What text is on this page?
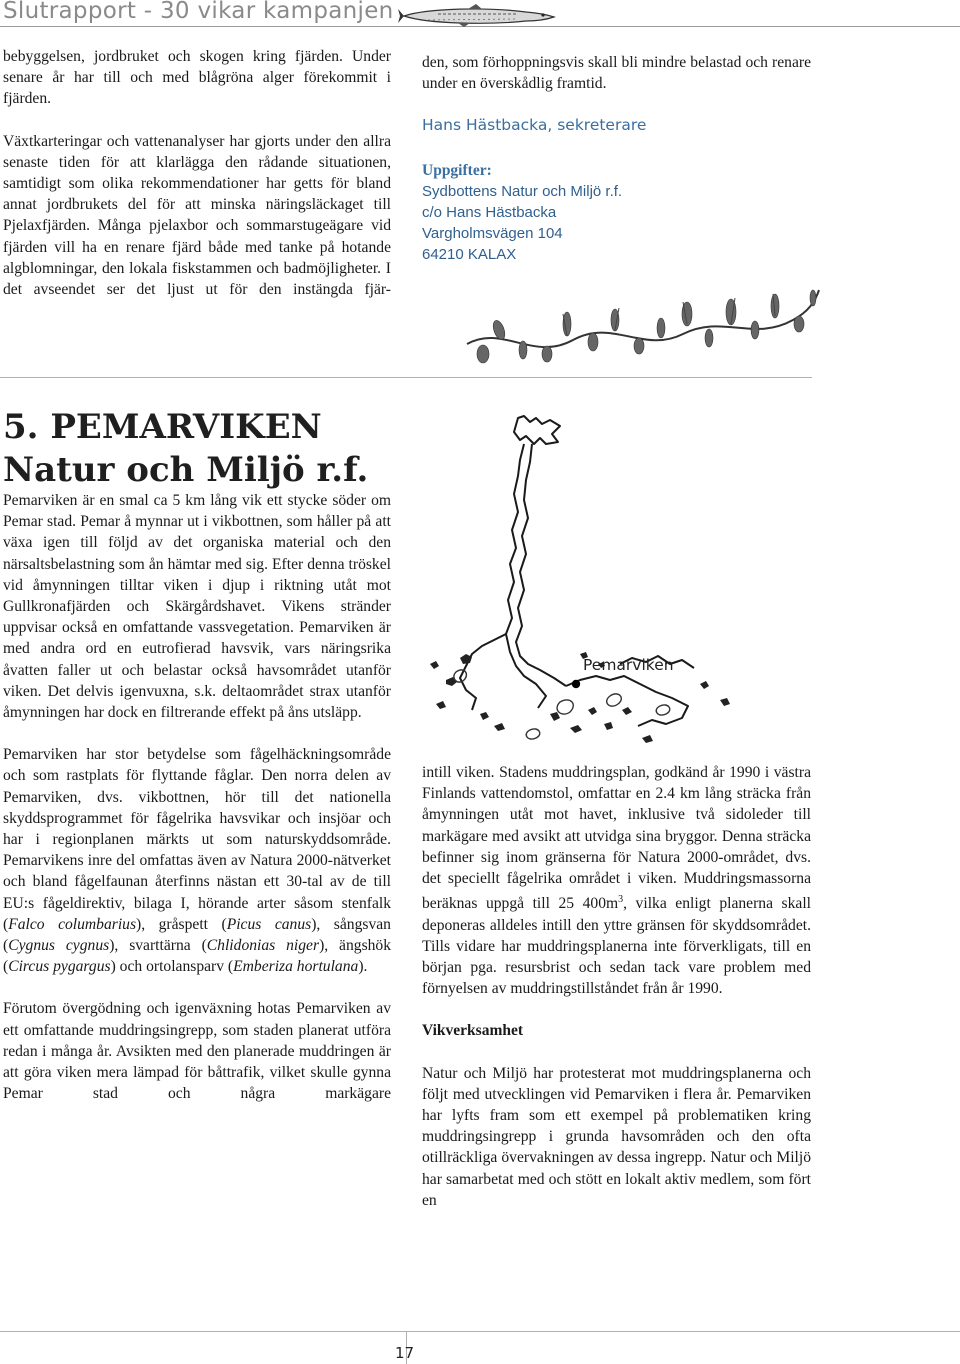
Slutrapport - 30 vikar kampanjen

bebyggelsen, jordbruket och skogen kring fjärden. Under senare år har till och med blågröna alger förekommit i fjärden.

Växtkarteringar och vattenanalyser har gjorts under den allra senaste tiden för att klarlägga den rådande situationen, samtidigt som olika rekommendationer har getts för bland annat jordbrukets del för att minska näringsläckaget till Pjelaxfjärden. Många pjelaxbor och sommarstugeägare vid fjärden vill ha en renare fjärd både med tanke på hotande algblomningar, den lokala fiskstammen och badmöjligheter. I det avseendet ser det ljust ut för den instängda fjär-

den, som förhoppningsvis skall bli mindre belastad och renare under en överskådlig framtid.

Hans Hästbacka, sekreterare
Uppgifter:
Sydbottens Natur och Miljö r.f.
c/o Hans Hästbacka
Vargholmsvägen 104
64210 KALAX
5. PEMARVIKEN
Natur och Miljö r.f.
Pemarviken

Pemarviken är en smal ca 5 km lång vik ett stycke söder om Pemar stad. Pemar å mynnar ut i vikbottnen, som håller på att växa igen till följd av det organiska material och den närsaltsbelastning som ån hämtar med sig. Efter denna tröskel vid åmynningen tilltar viken i djup i riktning utåt mot Gullkronafjärden och Skärgårdshavet. Vikens stränder uppvisar också en omfattande vassvegetation. Pemarviken är med andra ord en eutrofierad havsvik, vars näringsrika åvatten faller ut och belastar också havsområdet utanför viken. Det delvis igenvuxna, s.k. deltaområdet strax utanför åmynningen har dock en filtrerande effekt på åns utsläpp.

Pemarviken har stor betydelse som fågelhäckningsområde och som rastplats för flyttande fåglar. Den norra delen av Pemarviken, dvs. vikbottnen, hör till det nationella skyddsprogrammet för fågelrika havsvikar och insjöar och har i regionplanen märkts ut som naturskyddsområde. Pemarvikens inre del omfattas även av Natura 2000-nätverket och bland fågelfaunan återfinns nästan ett 30-tal av de till EU:s fågeldirektiv, bilaga I, hörande arter såsom stenfalk (Falco columbarius), gråspett (Picus canus), sångsvan (Cygnus cygnus), svarttärna (Chlidonias niger), ängshök (Circus pygargus) och ortolansparv (Emberiza hortulana).

Förutom övergödning och igenväxning hotas Pemarviken av ett omfattande muddringsingrepp, som staden planerat utföra redan i många år. Avsikten med den planerade muddringen är att göra viken mera lämpad för båttrafik, vilket skulle gynna Pemar stad och några markägare

intill viken. Stadens muddringsplan, godkänd år 1990 i västra Finlands vattendomstol, omfattar en 2.4 km lång sträcka från åmynningen utåt mot havet, inklusive två sidoleder till markägare med avsikt att utvidga sina bryggor. Denna sträcka befinner sig inom gränserna för Natura 2000-området, dvs. det speciellt fågelrika området i viken. Muddringsmassorna beräknas uppgå till 25 $400m^3$, vilka enligt planerna skall deponeras alldeles intill den yttre gränsen för skyddsområdet. Tills vidare har muddringsplanerna inte förverkligats, till en början pga. resursbrist och sedan tack vare problem med förnyelsen av muddringstillståndet från år 1990.

Vikverksamhet

Natur och Miljö har protesterat mot muddringsplanerna och följt med utvecklingen vid Pemarviken i flera år. Pemarviken har lyfts fram som ett exempel på problematiken kring muddringsingrepp i grunda havsområden och den ofta otillräckliga övervakningen av dessa ingrepp. Natur och Miljö har samarbetat med och stött en lokalt aktiv medlem, som fört en

17
